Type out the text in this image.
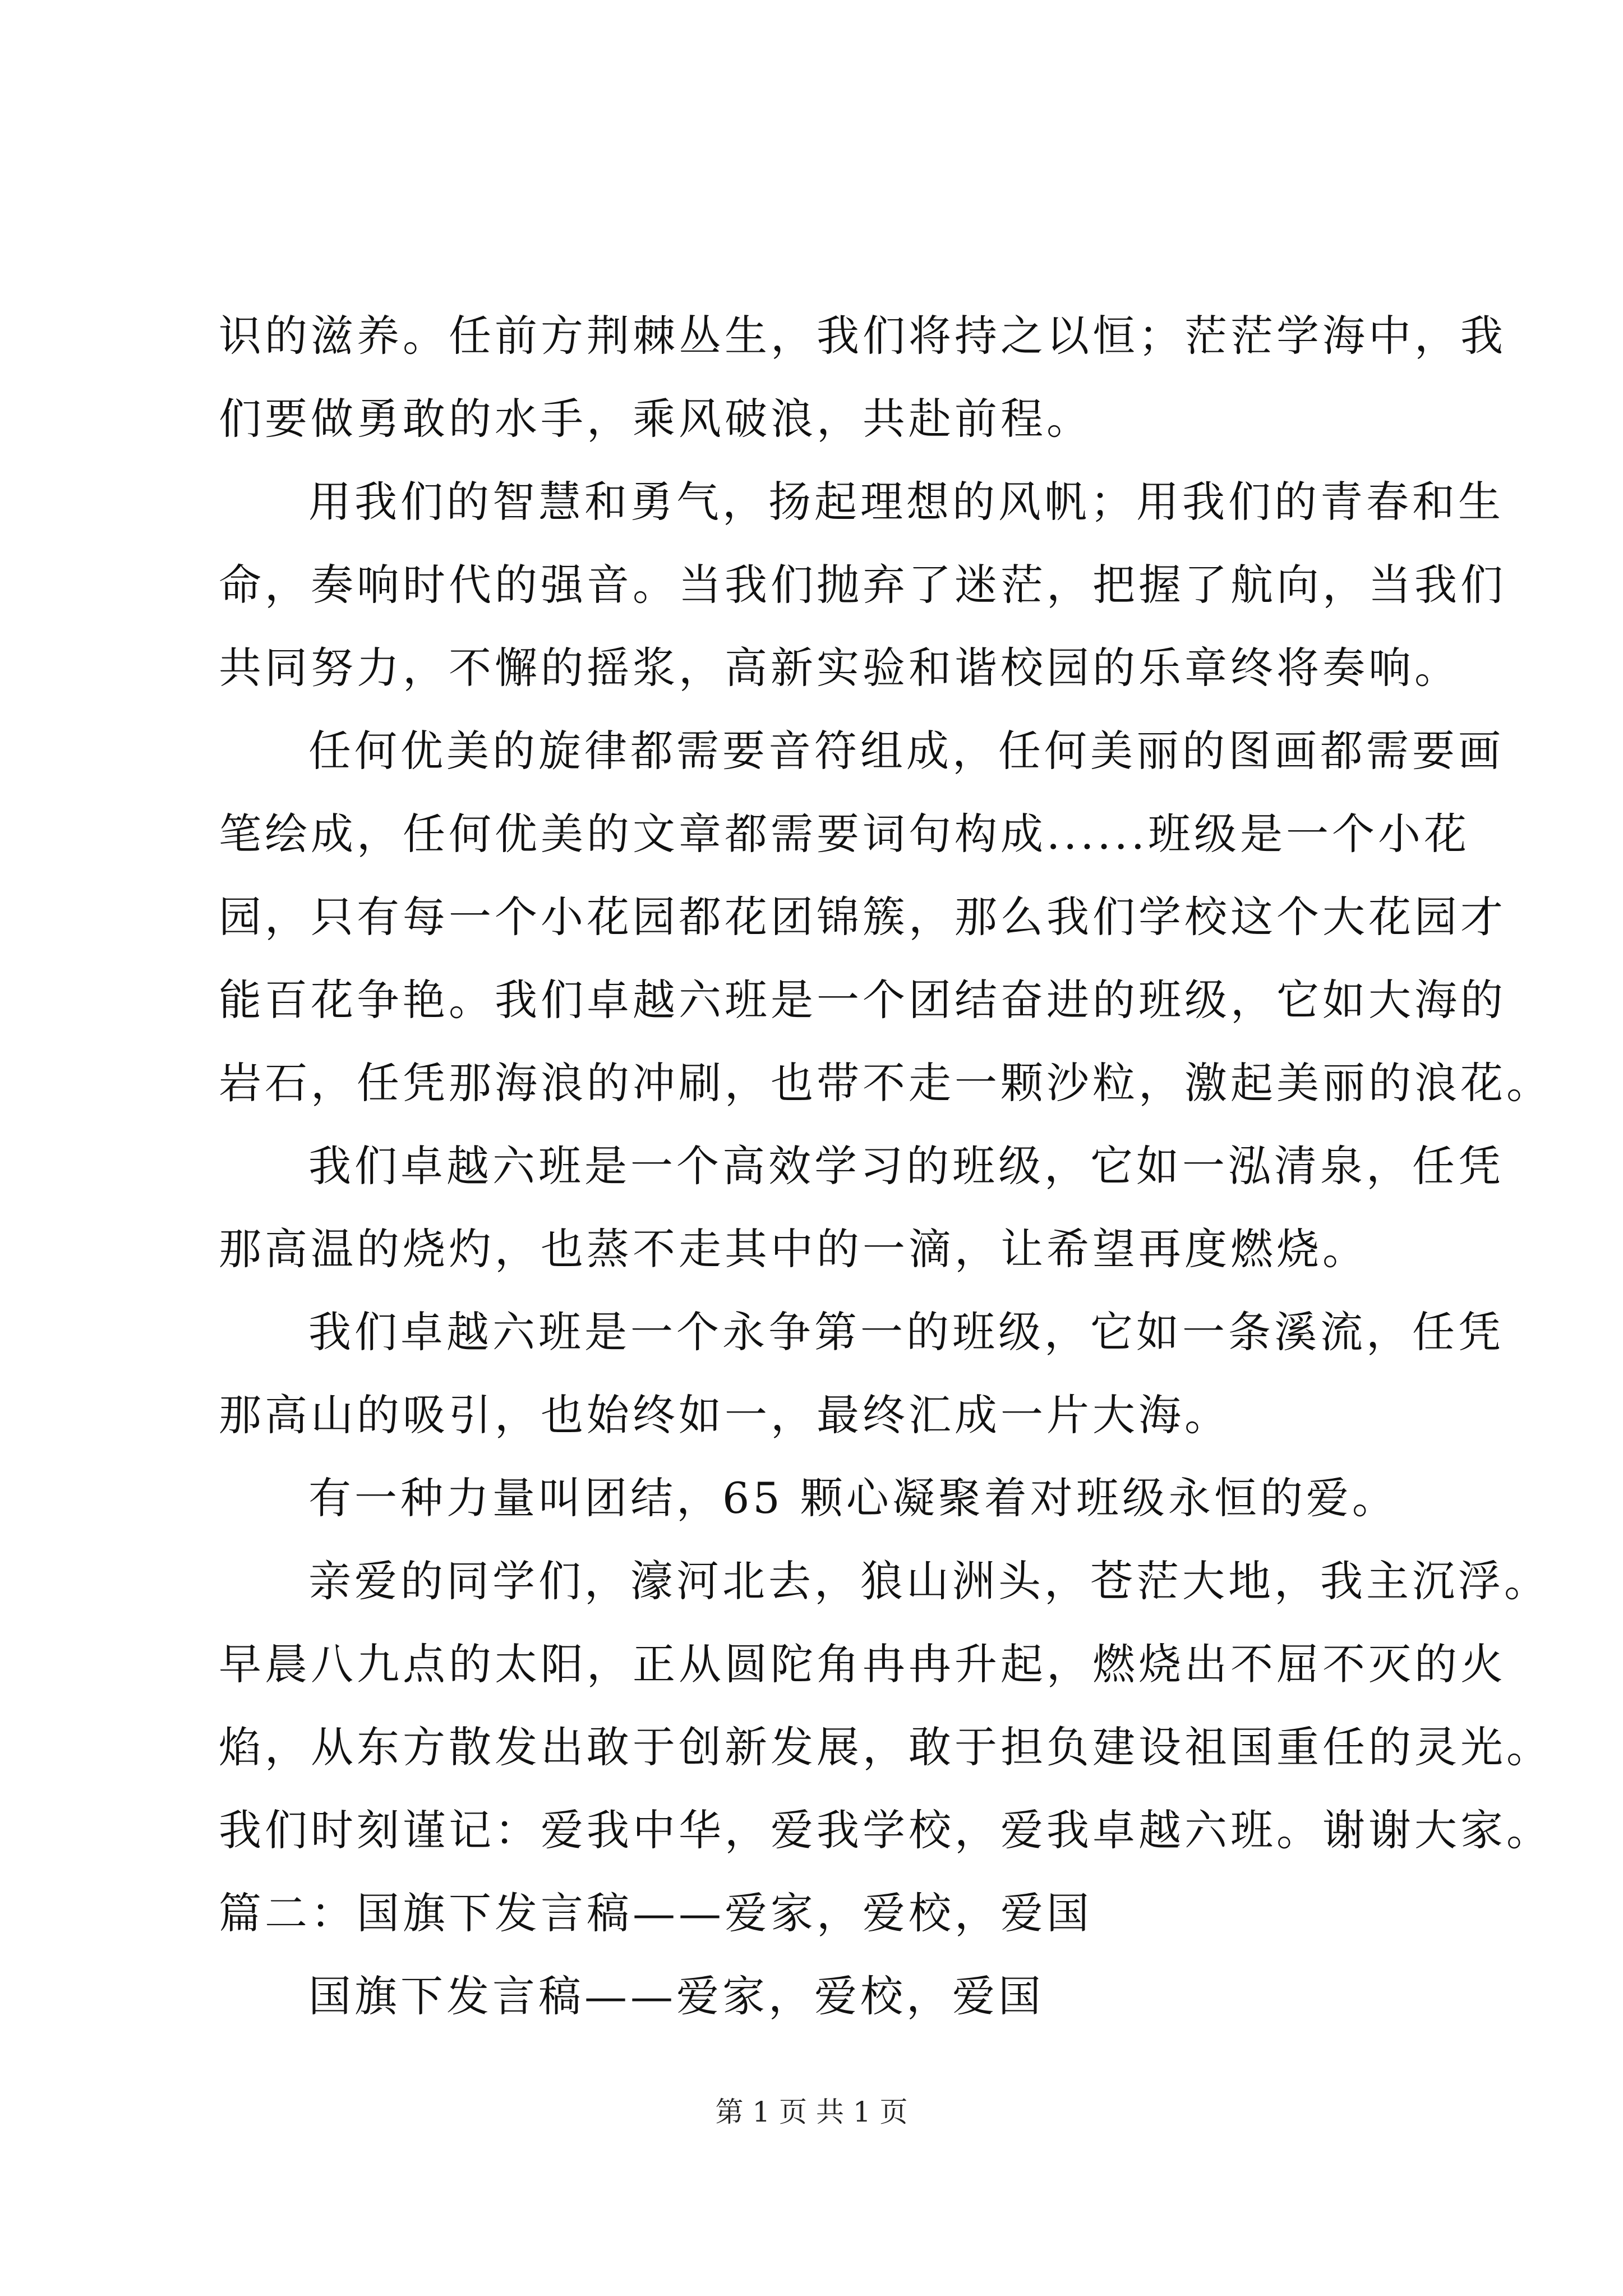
识的滋养。任前方荆棘丛生，我们将持之以恒；茫茫学海中，我
们要做勇敢的水手，乘风破浪，共赴前程。
用我们的智慧和勇气，扬起理想的风帆；用我们的青春和生
命，奏响时代的强音。当我们抛弃了迷茫，把握了航向，当我们
共同努力，不懈的摇浆，高新实验和谐校园的乐章终将奏响。
任何优美的旋律都需要音符组成，任何美丽的图画都需要画
笔绘成，任何优美的文章都需要词句构成......班级是一个小花
园，只有每一个小花园都花团锦簇，那么我们学校这个大花园才
能百花争艳。我们卓越六班是一个团结奋进的班级，它如大海的
岩石，任凭那海浪的冲刷，也带不走一颗沙粒，激起美丽的浪花。
我们卓越六班是一个高效学习的班级，它如一泓清泉，任凭
那高温的烧灼，也蒸不走其中的一滴，让希望再度燃烧。
我们卓越六班是一个永争第一的班级，它如一条溪流，任凭
那高山的吸引，也始终如一，最终汇成一片大海。
有一种力量叫团结，65 颗心凝聚着对班级永恒的爱。
亲爱的同学们，濠河北去，狼山洲头，苍茫大地，我主沉浮。
早晨八九点的太阳，正从圆陀角冉冉升起，燃烧出不屈不灭的火
焰，从东方散发出敢于创新发展，敢于担负建设祖国重任的灵光。
我们时刻谨记：爱我中华，爱我学校，爱我卓越六班。谢谢大家。
篇二：国旗下发言稿——爱家，爱校，爱国
国旗下发言稿——爱家，爱校，爱国
第 1 页 共 1 页
